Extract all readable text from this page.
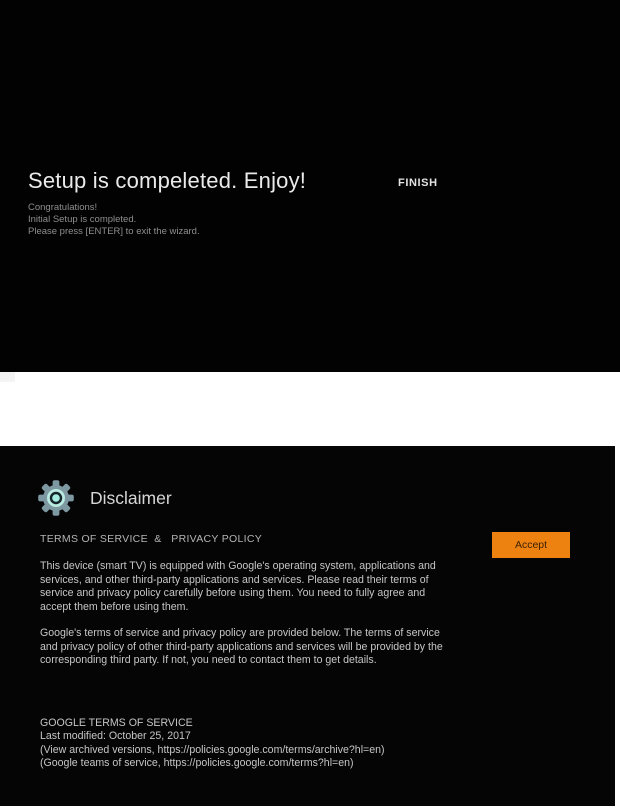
Setup is compeleted. Enjoy!	FINISH
Congratulations!
Initial Setup is completed.
Please press [ENTER] to exit the wizard.
Disclaimer
TERMS OF SERVICE  &   PRIVACY POLICY	Accept
This device (smart TV) is equipped with Google's operating system, applications and
services, and other third-party applications and services. Please read their terms of
service and privacy policy carefully before using them. You need to fully agree and
accept them before using them.
Google's terms of service and privacy policy are provided below. The terms of service
and privacy policy of other third-party applications and services will be provided by the
corresponding third party. If not, you need to contact them to get details.
GOOGLE TERMS OF SERVICE
Last modified: October 25, 2017
(View archived versions, https://policies.google.com/terms/archive?hl=en)
(Google teams of service, https://policies.google.com/terms?hl=en)
